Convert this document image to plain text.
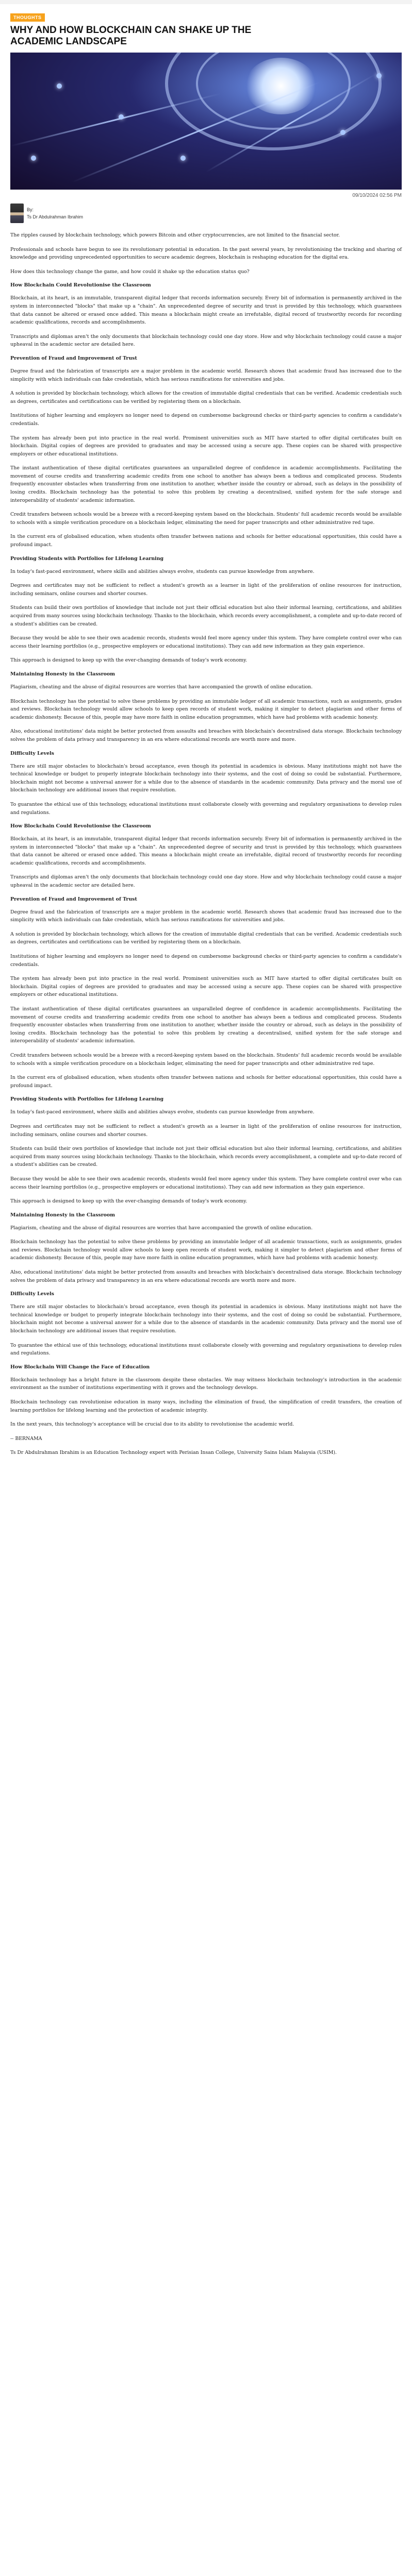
THOUGHTS
WHY AND HOW BLOCKCHAIN CAN SHAKE UP THE ACADEMIC LANDSCAPE
09/10/2024 02:56 PM
By:
Ts Dr Abdulrahman Ibrahim

The ripples caused by blockchain technology, which powers Bitcoin and other cryptocurrencies, are not limited to the financial sector.

Professionals and schools have begun to see its revolutionary potential in education. In the past several years, by revolutionising the tracking and sharing of knowledge and providing unprecedented opportunities to secure academic degrees, blockchain is reshaping education for the digital era.

How does this technology change the game, and how could it shake up the education status quo?

How Blockchain Could Revolutionise the Classroom

Blockchain, at its heart, is an immutable, transparent digital ledger that records information securely. Every bit of information is permanently archived in the system in interconnected "blocks" that make up a "chain". An unprecedented degree of security and trust is provided by this technology, which guarantees that data cannot be altered or erased once added. This means a blockchain might create an irrefutable, digital record of trustworthy records for recording academic qualifications, records and accomplishments.

Transcripts and diplomas aren't the only documents that blockchain technology could one day store. How and why blockchain technology could cause a major upheaval in the academic sector are detailed here.

Prevention of Fraud and Improvement of Trust

Degree fraud and the fabrication of transcripts are a major problem in the academic world. Research shows that academic fraud has increased due to the simplicity with which individuals can fake credentials, which has serious ramifications for universities and jobs.

A solution is provided by blockchain technology, which allows for the creation of immutable digital credentials that can be verified. Academic credentials such as degrees, certificates and certifications can be verified by registering them on a blockchain.

Institutions of higher learning and employers no longer need to depend on cumbersome background checks or third-party agencies to confirm a candidate's credentials.

The system has already been put into practice in the real world. Prominent universities such as MIT have started to offer digital certificates built on blockchain. Digital copies of degrees are provided to graduates and may be accessed using a secure app. These copies can be shared with prospective employers or other educational institutions.

The instant authentication of these digital certificates guarantees an unparalleled degree of confidence in academic accomplishments. Facilitating the movement of course credits and transferring academic credits from one school to another has always been a tedious and complicated process. Students frequently encounter obstacles when transferring from one institution to another, whether inside the country or abroad, such as delays in the possibility of losing credits. Blockchain technology has the potential to solve this problem by creating a decentralised, unified system for the safe storage and interoperability of students' academic information.

Credit transfers between schools would be a breeze with a record-keeping system based on the blockchain. Students' full academic records would be available to schools with a simple verification procedure on a blockchain ledger, eliminating the need for paper transcripts and other administrative red tape.

In the current era of globalised education, when students often transfer between nations and schools for better educational opportunities, this could have a profound impact.

Providing Students with Portfolios for Lifelong Learning

In today's fast-paced environment, where skills and abilities always evolve, students can pursue knowledge from anywhere.

Degrees and certificates may not be sufficient to reflect a student's growth as a learner in light of the proliferation of online resources for instruction, including seminars, online courses and shorter courses.

Students can build their own portfolios of knowledge that include not just their official education but also their informal learning, certifications, and abilities acquired from many sources using blockchain technology. Thanks to the blockchain, which records every accomplishment, a complete and up-to-date record of a student's abilities can be created.

Because they would be able to see their own academic records, students would feel more agency under this system. They have complete control over who can access their learning portfolios (e.g., prospective employers or educational institutions). They can add new information as they gain experience.

This approach is designed to keep up with the ever-changing demands of today's work economy.

Maintaining Honesty in the Classroom

Plagiarism, cheating and the abuse of digital resources are worries that have accompanied the growth of online education.

Blockchain technology has the potential to solve these problems by providing an immutable ledger of all academic transactions, such as assignments, grades and reviews. Blockchain technology would allow schools to keep open records of student work, making it simpler to detect plagiarism and other forms of academic dishonesty. Because of this, people may have more faith in online education programmes, which have had problems with academic honesty.

Also, educational institutions' data might be better protected from assaults and breaches with blockchain's decentralised data storage. Blockchain technology solves the problem of data privacy and transparency in an era where educational records are worth more and more.

Difficulty Levels

There are still major obstacles to blockchain's broad acceptance, even though its potential in academics is obvious. Many institutions might not have the technical knowledge or budget to properly integrate blockchain technology into their systems, and the cost of doing so could be substantial. Furthermore, blockchain might not become a universal answer for a while due to the absence of standards in the academic community. Data privacy and the moral use of blockchain technology are additional issues that require resolution.

To guarantee the ethical use of this technology, educational institutions must collaborate closely with governing and regulatory organisations to develop rules and regulations.

How Blockchain Could Revolutionise the Classroom

Blockchain, at its heart, is an immutable, transparent digital ledger that records information securely. Every bit of information is permanently archived in the system in interconnected "blocks" that make up a "chain". An unprecedented degree of security and trust is provided by this technology, which guarantees that data cannot be altered or erased once added. This means a blockchain might create an irrefutable, digital record of trustworthy records for recording academic qualifications, records and accomplishments.

Transcripts and diplomas aren't the only documents that blockchain technology could one day store. How and why blockchain technology could cause a major upheaval in the academic sector are detailed here.

Prevention of Fraud and Improvement of Trust

Degree fraud and the fabrication of transcripts are a major problem in the academic world. Research shows that academic fraud has increased due to the simplicity with which individuals can fake credentials, which has serious ramifications for universities and jobs.

A solution is provided by blockchain technology, which allows for the creation of immutable digital credentials that can be verified. Academic credentials such as degrees, certificates and certifications can be verified by registering them on a blockchain.

Institutions of higher learning and employers no longer need to depend on cumbersome background checks or third-party agencies to confirm a candidate's credentials.

The system has already been put into practice in the real world. Prominent universities such as MIT have started to offer digital certificates built on blockchain. Digital copies of degrees are provided to graduates and may be accessed using a secure app. These copies can be shared with prospective employers or other educational institutions.

The instant authentication of these digital certificates guarantees an unparalleled degree of confidence in academic accomplishments. Facilitating the movement of course credits and transferring academic credits from one school to another has always been a tedious and complicated process. Students frequently encounter obstacles when transferring from one institution to another, whether inside the country or abroad, such as delays in the possibility of losing credits. Blockchain technology has the potential to solve this problem by creating a decentralised, unified system for the safe storage and interoperability of students' academic information.

Credit transfers between schools would be a breeze with a record-keeping system based on the blockchain. Students' full academic records would be available to schools with a simple verification procedure on a blockchain ledger, eliminating the need for paper transcripts and other administrative red tape.

In the current era of globalised education, when students often transfer between nations and schools for better educational opportunities, this could have a profound impact.

Providing Students with Portfolios for Lifelong Learning

In today's fast-paced environment, where skills and abilities always evolve, students can pursue knowledge from anywhere.

Degrees and certificates may not be sufficient to reflect a student's growth as a learner in light of the proliferation of online resources for instruction, including seminars, online courses and shorter courses.

Students can build their own portfolios of knowledge that include not just their official education but also their informal learning, certifications, and abilities acquired from many sources using blockchain technology. Thanks to the blockchain, which records every accomplishment, a complete and up-to-date record of a student's abilities can be created.

Because they would be able to see their own academic records, students would feel more agency under this system. They have complete control over who can access their learning portfolios (e.g., prospective employers or educational institutions). They can add new information as they gain experience.

This approach is designed to keep up with the ever-changing demands of today's work economy.

Maintaining Honesty in the Classroom

Plagiarism, cheating and the abuse of digital resources are worries that have accompanied the growth of online education.

Blockchain technology has the potential to solve these problems by providing an immutable ledger of all academic transactions, such as assignments, grades and reviews. Blockchain technology would allow schools to keep open records of student work, making it simpler to detect plagiarism and other forms of academic dishonesty. Because of this, people may have more faith in online education programmes, which have had problems with academic honesty.

Also, educational institutions' data might be better protected from assaults and breaches with blockchain's decentralised data storage. Blockchain technology solves the problem of data privacy and transparency in an era where educational records are worth more and more.

Difficulty Levels

There are still major obstacles to blockchain's broad acceptance, even though its potential in academics is obvious. Many institutions might not have the technical knowledge or budget to properly integrate blockchain technology into their systems, and the cost of doing so could be substantial. Furthermore, blockchain might not become a universal answer for a while due to the absence of standards in the academic community. Data privacy and the moral use of blockchain technology are additional issues that require resolution.

To guarantee the ethical use of this technology, educational institutions must collaborate closely with governing and regulatory organisations to develop rules and regulations.

How Blockchain Will Change the Face of Education

Blockchain technology has a bright future in the classroom despite these obstacles. We may witness blockchain technology's introduction in the academic environment as the number of institutions experimenting with it grows and the technology develops.

Blockchain technology can revolutionise education in many ways, including the elimination of fraud, the simplification of credit transfers, the creation of learning portfolios for lifelong learning and the protection of academic integrity.

In the next years, this technology's acceptance will be crucial due to its ability to revolutionise the academic world.

-- BERNAMA

Ts Dr Abdulrahman Ibrahim is an Education Technology expert with Perisian Insan College, University Sains Islam Malaysia (USIM).
